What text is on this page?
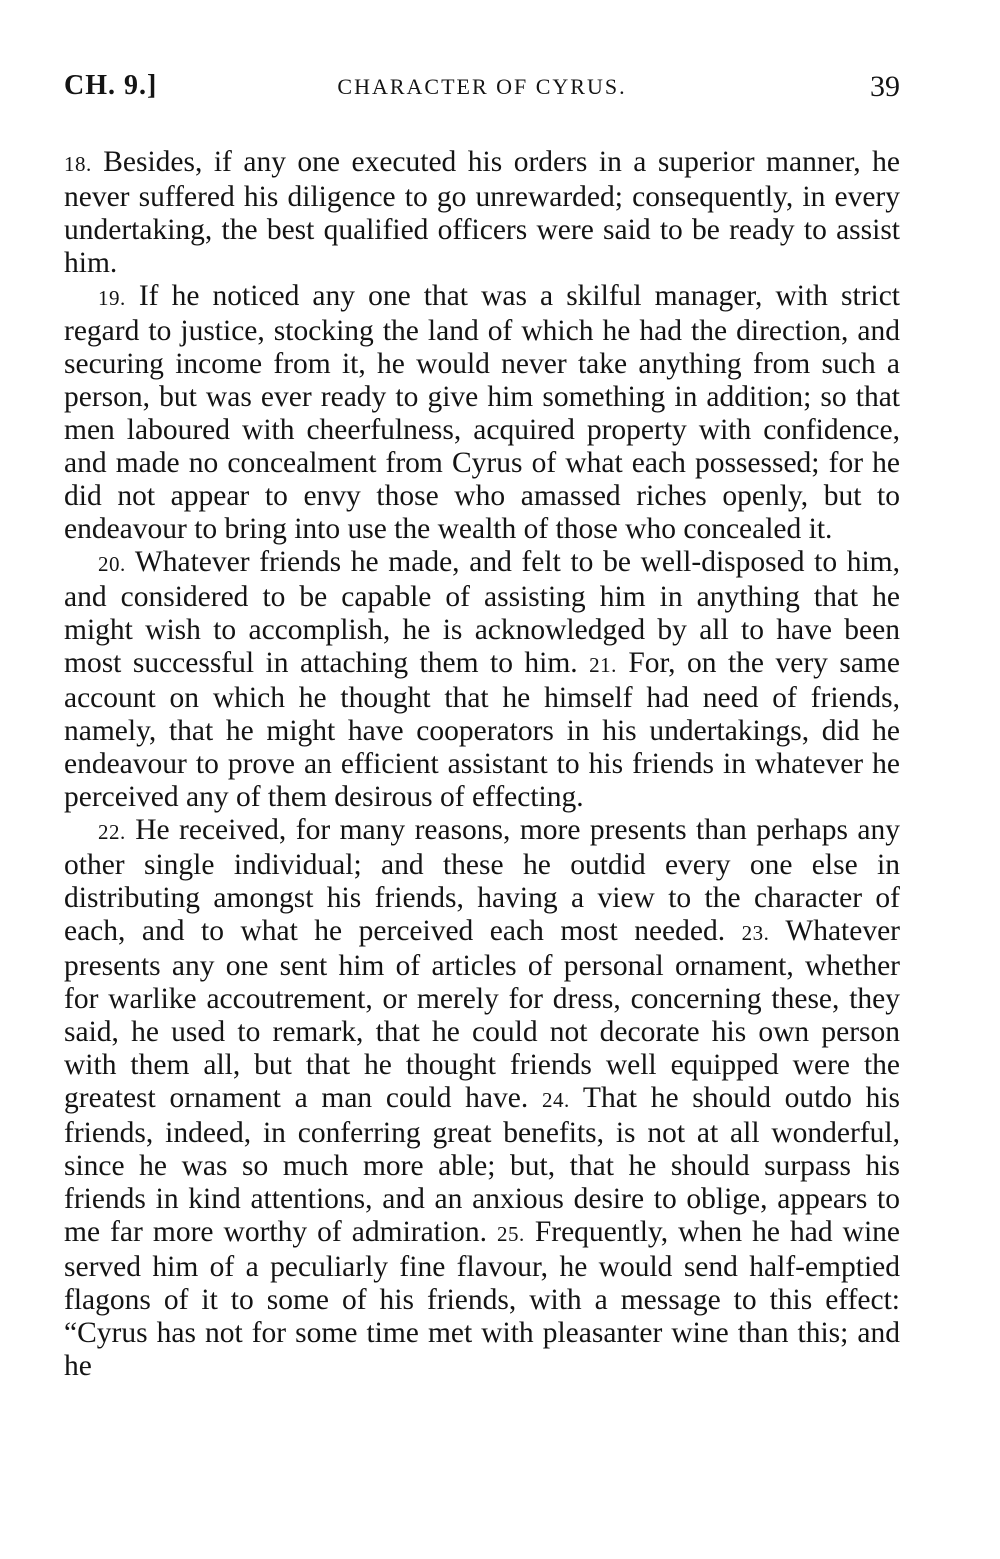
CH. 9.]	CHARACTER OF CYRUS.	39

18. Besides, if any one executed his orders in a superior manner, he never suffered his diligence to go unrewarded; consequently, in every undertaking, the best qualified officers were said to be ready to assist him.

19. If he noticed any one that was a skilful manager, with strict regard to justice, stocking the land of which he had the direction, and securing income from it, he would never take anything from such a person, but was ever ready to give him something in addition; so that men laboured with cheerfulness, acquired property with confidence, and made no concealment from Cyrus of what each possessed; for he did not appear to envy those who amassed riches openly, but to endeavour to bring into use the wealth of those who concealed it.

20. Whatever friends he made, and felt to be well-disposed to him, and considered to be capable of assisting him in anything that he might wish to accomplish, he is acknowledged by all to have been most successful in attaching them to him. 21. For, on the very same account on which he thought that he himself had need of friends, namely, that he might have cooperators in his undertakings, did he endeavour to prove an efficient assistant to his friends in whatever he perceived any of them desirous of effecting.

22. He received, for many reasons, more presents than perhaps any other single individual; and these he outdid every one else in distributing amongst his friends, having a view to the character of each, and to what he perceived each most needed. 23. Whatever presents any one sent him of articles of personal ornament, whether for warlike accoutrement, or merely for dress, concerning these, they said, he used to remark, that he could not decorate his own person with them all, but that he thought friends well equipped were the greatest ornament a man could have. 24. That he should outdo his friends, indeed, in conferring great benefits, is not at all wonderful, since he was so much more able; but, that he should surpass his friends in kind attentions, and an anxious desire to oblige, appears to me far more worthy of admiration. 25. Frequently, when he had wine served him of a peculiarly fine flavour, he would send half-emptied flagons of it to some of his friends, with a message to this effect: “Cyrus has not for some time met with pleasanter wine than this; and he
